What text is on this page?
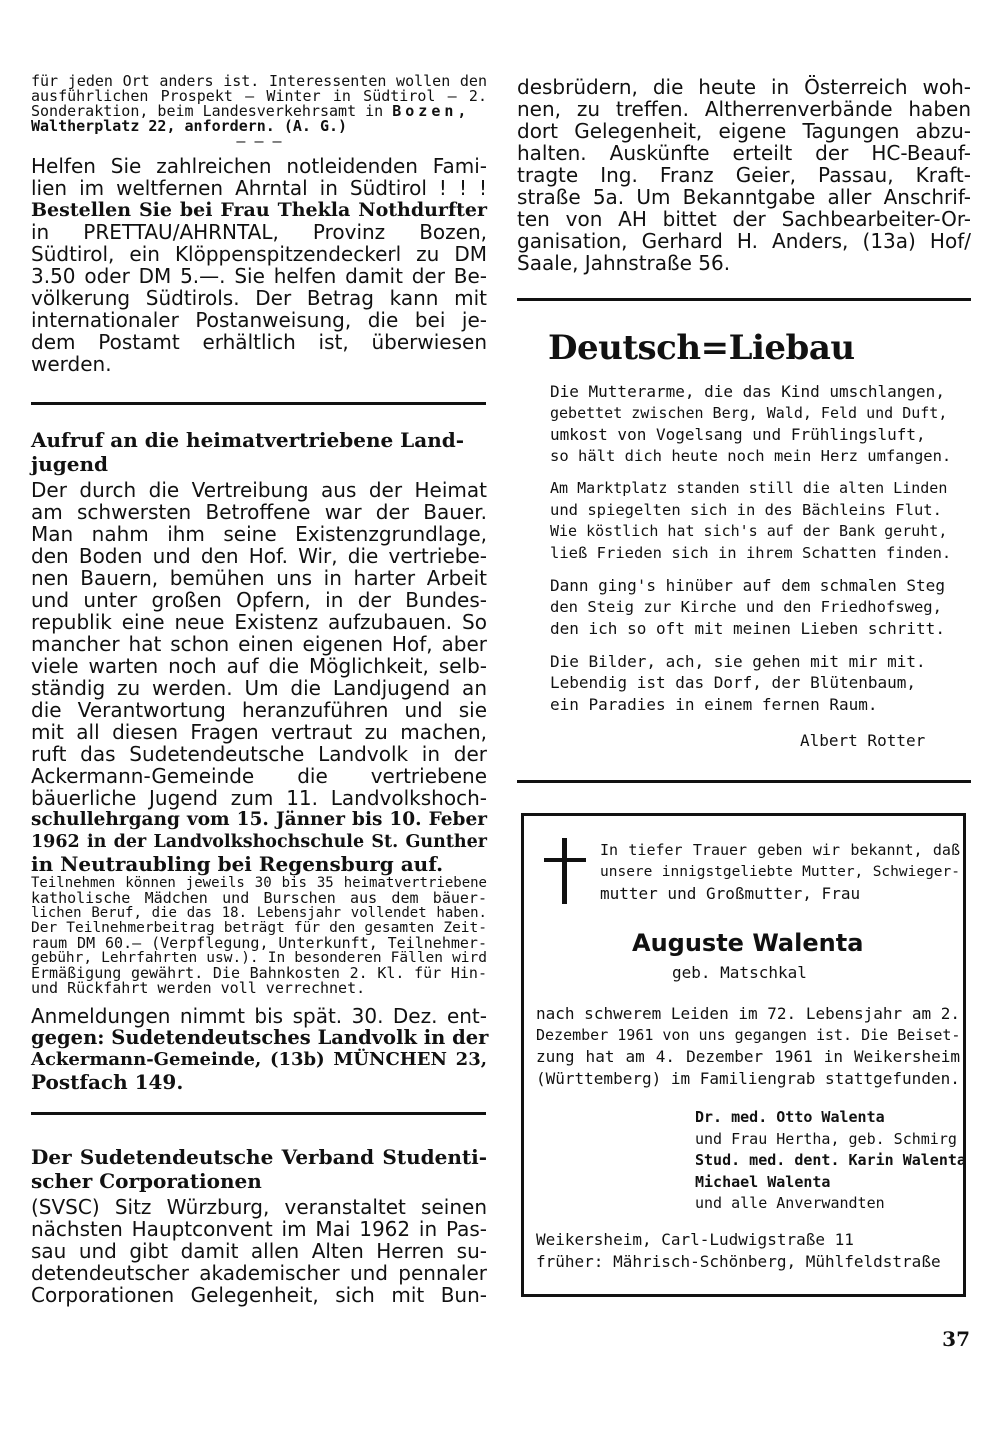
für jeden Ort anders ist. Interessenten wollen den
ausführlichen Prospekt — Winter in Südtirol — 2.
Sonderaktion, beim Landesverkehrsamt in Bozen,
Waltherplatz 22, anfordern. (A. G.)
— — —
Helfen Sie zahlreichen notleidenden Fami-
lien im weltfernen Ahrntal in Südtirol ! ! !
Bestellen Sie bei Frau Thekla Nothdurfter
in PRETTAU/AHRNTAL, Provinz Bozen,
Südtirol, ein Klöppenspitzendeckerl zu DM
3.50 oder DM 5.—. Sie helfen damit der Be-
völkerung Südtirols. Der Betrag kann mit
internationaler Postanweisung, die bei je-
dem Postamt erhältlich ist, überwiesen
werden.
Aufruf an die heimatvertriebene Land-
jugend
Der durch die Vertreibung aus der Heimat
am schwersten Betroffene war der Bauer.
Man nahm ihm seine Existenzgrundlage,
den Boden und den Hof. Wir, die vertriebe-
nen Bauern, bemühen uns in harter Arbeit
und unter großen Opfern, in der Bundes-
republik eine neue Existenz aufzubauen. So
mancher hat schon einen eigenen Hof, aber
viele warten noch auf die Möglichkeit, selb-
ständig zu werden. Um die Landjugend an
die Verantwortung heranzuführen und sie
mit all diesen Fragen vertraut zu machen,
ruft das Sudetendeutsche Landvolk in der
Ackermann-Gemeinde die vertriebene
bäuerliche Jugend zum 11. Landvolkshoch-
schullehrgang vom 15. Jänner bis 10. Feber
1962 in der Landvolkshochschule St. Gunther
in Neutraubling bei Regensburg auf.
Teilnehmen können jeweils 30 bis 35 heimatvertriebene
katholische Mädchen und Burschen aus dem bäuer-
lichen Beruf, die das 18. Lebensjahr vollendet haben.
Der Teilnehmerbeitrag beträgt für den gesamten Zeit-
raum DM 60.— (Verpflegung, Unterkunft, Teilnehmer-
gebühr, Lehrfahrten usw.). In besonderen Fällen wird
Ermäßigung gewährt. Die Bahnkosten 2. Kl. für Hin-
und Rückfahrt werden voll verrechnet.
Anmeldungen nimmt bis spät. 30. Dez. ent-
gegen: Sudetendeutsches Landvolk in der
Ackermann-Gemeinde, (13b) MÜNCHEN 23,
Postfach 149.
Der Sudetendeutsche Verband Studenti-
scher Corporationen
(SVSC) Sitz Würzburg, veranstaltet seinen
nächsten Hauptconvent im Mai 1962 in Pas-
sau und gibt damit allen Alten Herren su-
detendeutscher akademischer und pennaler
Corporationen Gelegenheit, sich mit Bun-
desbrüdern, die heute in Österreich woh-
nen, zu treffen. Altherrenverbände haben
dort Gelegenheit, eigene Tagungen abzu-
halten. Auskünfte erteilt der HC-Beauf-
tragte Ing. Franz Geier, Passau, Kraft-
straße 5a. Um Bekanntgabe aller Anschrif-
ten von AH bittet der Sachbearbeiter-Or-
ganisation, Gerhard H. Anders, (13a) Hof/
Saale, Jahnstraße 56.
Deutsch=Liebau
Die Mutterarme, die das Kind umschlangen,
gebettet zwischen Berg, Wald, Feld und Duft,
umkost von Vogelsang und Frühlingsluft,
so hält dich heute noch mein Herz umfangen.
Am Marktplatz standen still die alten Linden
und spiegelten sich in des Bächleins Flut.
Wie köstlich hat sich's auf der Bank geruht,
ließ Frieden sich in ihrem Schatten finden.
Dann ging's hinüber auf dem schmalen Steg
den Steig zur Kirche und den Friedhofsweg,
den ich so oft mit meinen Lieben schritt.
Die Bilder, ach, sie gehen mit mir mit.
Lebendig ist das Dorf, der Blütenbaum,
ein Paradies in einem fernen Raum.
Albert Rotter
In tiefer Trauer geben wir bekannt, daß
unsere innigstgeliebte Mutter, Schwieger-
mutter und Großmutter, Frau
Auguste Walenta
geb. Matschkal
nach schwerem Leiden im 72. Lebensjahr am 2.
Dezember 1961 von uns gegangen ist. Die Beiset-
zung hat am 4. Dezember 1961 in Weikersheim
(Württemberg) im Familiengrab stattgefunden.
Dr. med. Otto Walenta
und Frau Hertha, geb. Schmirg
Stud. med. dent. Karin Walenta
Michael Walenta
und alle Anverwandten
Weikersheim, Carl-Ludwigstraße 11
früher: Mährisch-Schönberg, Mühlfeldstraße
37
